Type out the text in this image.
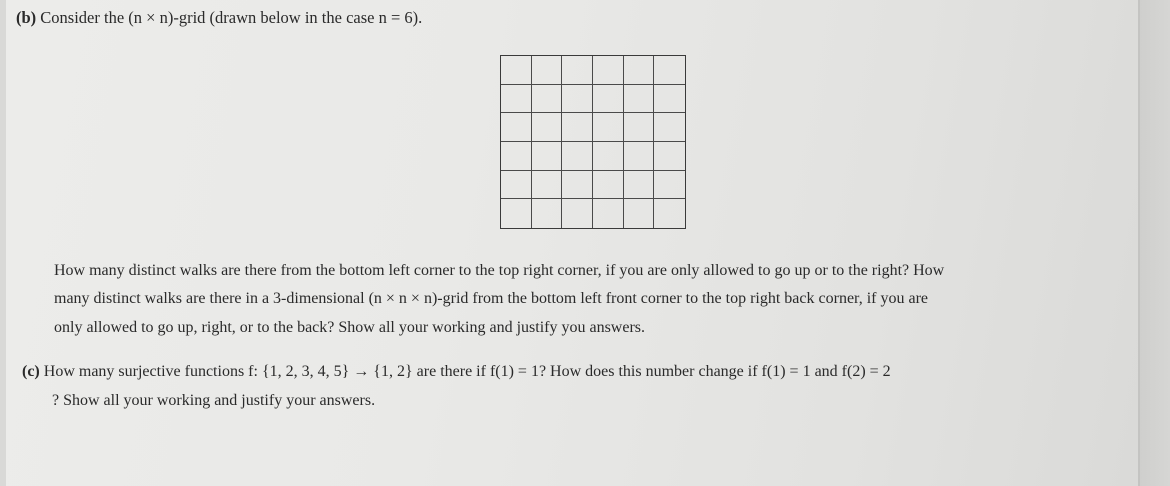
(b) Consider the (n × n)-grid (drawn below in the case n = 6).
How many distinct walks are there from the bottom left corner to the top right corner, if you are only allowed to go up or to the right? How
many distinct walks are there in a 3-dimensional (n × n × n)-grid from the bottom left front corner to the top right back corner, if you are
only allowed to go up, right, or to the back? Show all your working and justify you answers.
(c) How many surjective functions f: {1, 2, 3, 4, 5} → {1, 2} are there if f(1) = 1? How does this number change if f(1) = 1 and f(2) = 2
? Show all your working and justify your answers.
